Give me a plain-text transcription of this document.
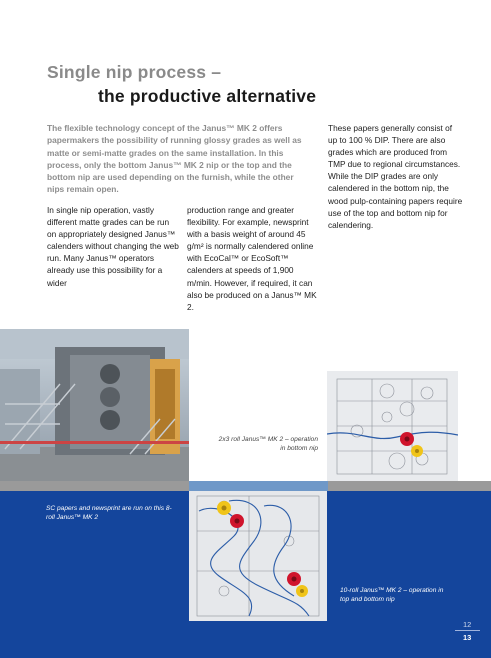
Single nip process –
the productive alternative
The flexible technology concept of the Janus™ MK 2 offers papermakers the possibility of running glossy grades as well as matte or semi-matte grades on the same installation. In this process, only the bottom Janus™ MK 2 nip or the top and the bottom nip are used depending on the furnish, while the other nips remain open.
In single nip operation, vastly different matte grades can be run on appropriately designed Janus™ calenders without changing the web run. Many Janus™ operators already use this possibility for a wider
production range and greater flexibility. For example, newsprint with a basis weight of around 45 g/m² is normally calendered online with EcoCal™ or EcoSoft™ calenders at speeds of 1,900 m/min. However, if required, it can also be produced on a Janus™ MK 2.
These papers generally consist of up to 100 % DIP. There are also grades which are produced from TMP due to regional circumstances. While the DIP grades are only calendered in the bottom nip, the wood pulp-containing papers require use of the top and bottom nip for calendering.
2x3 roll Janus™ MK 2 – operation in bottom nip
SC papers and newsprint are run on this 8-roll Janus™ MK 2
10-roll Janus™ MK 2 – operation in top and bottom nip
12
13
